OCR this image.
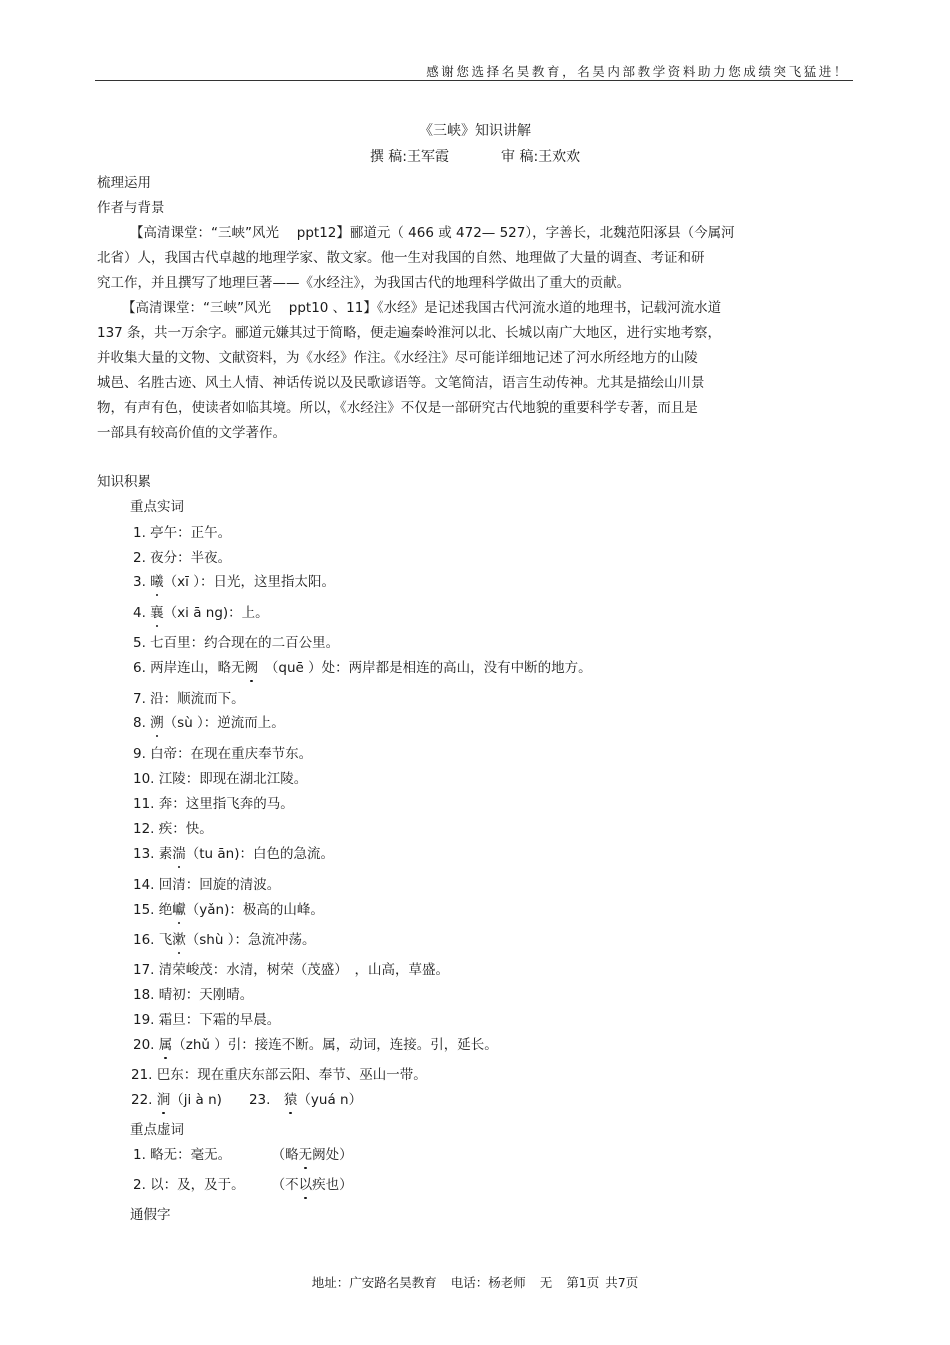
感谢您选择名昊教育，名昊内部教学资料助力您成绩突飞猛进！
《三峡》知识讲解
撰 稿:王军霞	审 稿:王欢欢
梳理运用
作者与背景
【高清课堂：“三峡”风光　 ppt12】郦道元（ 466 或 472— 527），字善长，北魏范阳涿县（今属河
北省）人，我国古代卓越的地理学家、散文家。他一生对我国的自然、地理做了大量的调查、考证和研
究工作，并且撰写了地理巨著——《水经注》，为我国古代的地理科学做出了重大的贡献。
【高清课堂：“三峡”风光　 ppt10 、11】《水经》是记述我国古代河流水道的地理书，记载河流水道
137 条，共一万余字。郦道元嫌其过于简略，便走遍秦岭淮河以北、长城以南广大地区，进行实地考察，
并收集大量的文物、文献资料，为《水经》作注。《水经注》尽可能详细地记述了河水所经地方的山陵
城邑、名胜古迹、风土人情、神话传说以及民歌谚语等。文笔简洁，语言生动传神。尤其是描绘山川景
物，有声有色，使读者如临其境。所以，《水经注》不仅是一部研究古代地貌的重要科学专著，而且是
一部具有较高价值的文学著作。
知识积累
重点实词
1. 亭午：正午。
2. 夜分：半夜。
3. 曦（xī ）：日光，这里指太阳。
4. 襄（xi ā ng)：上。
5. 七百里：约合现在的二百公里。
6. 两岸连山，略无阙　（quē ）处：两岸都是相连的高山，没有中断的地方。
7. 沿：顺流而下。
8. 溯（sù ）：逆流而上。
9. 白帝：在现在重庆奉节东。
10. 江陵：即现在湖北江陵。
11. 奔：这里指飞奔的马。
12. 疾：快。
13. 素湍（tu ān)：白色的急流。
14. 回清：回旋的清波。
15. 绝巘（yǎn)：极高的山峰。
16. 飞漱（shù ）：急流冲荡。
17. 清荣峻茂：水清，树荣（茂盛）　，山高，草盛。
18. 晴初：天刚晴。
19. 霜旦：下霜的早晨。
20. 属（zhǔ ）引：接连不断。属，动词，连接。引，延长。
21. 巴东：现在重庆东部云阳、奉节、巫山一带。
22. 涧（ji à n)　　23.　猿（yuá n）
重点虚词
1. 略无：毫无。　　　　（略无阙处）
2. 以：及，及于。　　　（不以疾也）
通假字
地址：广安路名昊教育 电话：杨老师 无 第1页 共7页
